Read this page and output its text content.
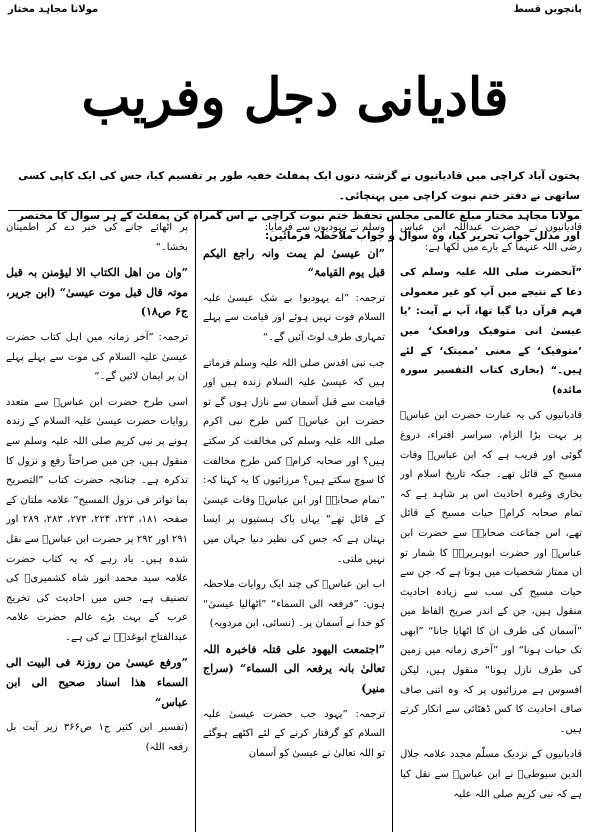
مولانا مجاہد مختار	پانچویں قسط
قادیانی دجل وفریب
پختون آباد کراچی میں قادیانیوں نے گزشتہ دنوں ایک پمفلٹ خفیہ طور پر تقسیم کیا، جس کی ایک کاپی کسی ساتھی نے دفتر ختم نبوت کراچی میں پہنچائی۔
مولانا مجاہد مختار مبلغ عالمی مجلس تحفظ ختم نبوت کراچی نے اس گمراہ کن پمفلٹ کے ہر سوال کا مختصر اور مدلل جواب تحریر کیا، وہ سوال و جواب ملاحظہ فرمائیں:

قادیانیوں نے حضرت عبداللہ ابن عباس رضی اللہ عنہما کے بارے میں لکھا ہے:

”آنحضرت صلی اللہ علیہ وسلم کی دعا کے نتیجے میں آپ کو غیر معمولی فہم قرآن دیا گیا تھا، آپ نے آیت: ’یا عیسیٰ انی متوفیک ورافعک‘ میں ’متوفیک‘ کے معنی ’ممیتک‘ کے لئے ہیں۔“ (بخاری کتاب التفسیر سورہ مائدہ)

قادیانیوں کی یہ عبارت حضرت ابن عباسؓ پر بہت بڑا الزام، سراسر افتراء، دروغ گوئی اور فریب ہے کہ ابن عباسؓ وفات مسیح کے قائل تھے۔ جبکہ تاریخ اسلام اور بخاری وغیرہ احادیث اس پر شاہد ہے کہ تمام صحابہ کرامؓ حیات مسیح کے قائل تھے، اس جماعت صحابہؓ سے حضرت ابن عباسؓ اور حضرت ابوہریرہؓ کا شمار تو ان ممتاز شخصیات میں ہوتا ہے کہ جن سے حیات مسیح کی سب سے زیادہ احادیث منقول ہیں، جن کے اندر صریح الفاظ میں ”آسمان کی طرف ان کا اٹھایا جانا“ ”ابھی تک حیات ہونا“ اور ”آخری زمانہ میں زمین کی طرف نازل ہونا“ منقول ہیں، لیکن افسوس ہے مرزائیوں پر کہ وہ اتنی صاف صاف احادیث کا کس ڈھٹائی سے انکار کرتے ہیں۔

قادیانیوں کے نزدیک مسلّم مجدد علامہ جلال الدین سیوطیؒ نے ابن عباسؓ سے نقل کیا ہے کہ نبی کریم صلی اللہ علیہ

وسلم نے یہودیوں سے فرمایا:

”ان عیسیٰ لم یمت وانہ راجع الیکم قبل یوم القیامۃ“

ترجمہ: ”اے یہودیو! بے شک عیسیٰ علیہ السلام فوت نہیں ہوئے اور قیامت سے پہلے تمہاری طرف لوٹ آئیں گے۔“

جب نبی اقدس صلی اللہ علیہ وسلم فرماتے ہیں کہ عیسیٰ علیہ السلام زندہ ہیں اور قیامت سے قبل آسمان سے نازل ہوں گے تو حضرت ابن عباسؓ کس طرح نبی اکرم صلی اللہ علیہ وسلم کی مخالفت کر سکتے ہیں؟ اور صحابہ کرامؓ کس طرح مخالفت کا سوچ سکتے ہیں؟ مرزائیوں کا یہ کہنا کہ: ”تمام صحابہؓ اور ابن عباسؓ وفات عیسیٰ کے قائل تھے“ یہاں پاک ہستیوں پر ایسا بہتان ہے کہ جس کی نظیر دنیا جہان میں نہیں ملتی۔

اب ابن عباسؓ کی چند ایک روایات ملاحظہ ہوں: ”فرفعہ الی السماء“ ”اٹھالیا عیسیٰ“ کو خدا نے آسمان پر۔ (نسائی، ابن مردویہ)

”اجتمعت الیھود علی قتلہ فاخبرہ اللہ تعالیٰ بانہ یرفعہ الی السماء“ (سراج منیر)

ترجمہ: ”یہود جب حضرت عیسیٰ علیہ السلام کو گرفتار کرنے کے لئے اکٹھے ہوگئے تو اللہ تعالیٰ نے عیسیٰ کو آسمان

پر اٹھائے جانے کی خبر دے کر اطمینان بخشا۔“

”وان من اھل الکتاب الا لیؤمنن بہ قبل موتہ قال قبل موت عیسیٰ“ (ابن جریر، ج۶ ص۱۸)

ترجمہ: ”آخر زمانہ میں اہل کتاب حضرت عیسیٰ علیہ السلام کی موت سے پہلے پہلے ان پر ایمان لائیں گے۔“

اسی طرح حضرت ابن عباسؓ سے متعدد روایات حضرت عیسیٰ علیہ السلام کے زندہ ہونے پر نبی کریم صلی اللہ علیہ وسلم سے منقول ہیں، جن میں صراحتاً رفع و نزول کا تذکرہ ہے۔ چنانچہ حضرت کتاب ”التصریح بما تواتر فی نزول المسیح“ علامہ ملتان کے صفحہ ۱۸۱، ۲۲۳، ۲۲۴، ۲۷۳، ۲۸۳، ۲۸۹ اور ۲۹۱ اور ۲۹۲ پر حضرت ابن عباسؓ سے نقل شدہ ہیں۔ یاد رہے کہ یہ کتاب حضرت علامہ سید محمد انور شاہ کشمیریؒ کی تصنیف ہے، جس میں احادیث کی تخریج عرب کے بہت بڑے عالم حضرت علامہ عبدالفتاح ابوغدہؒ نے کی ہے۔

”ورفع عیسیٰ من روزنۃ فی البیت الی السماء ھذا اسناد صحیح الی ابن عباس“

(تفسیر ابن کثیر ج۱ ص۳۶۶ زیر آیت بل رفعہ اللہ)
